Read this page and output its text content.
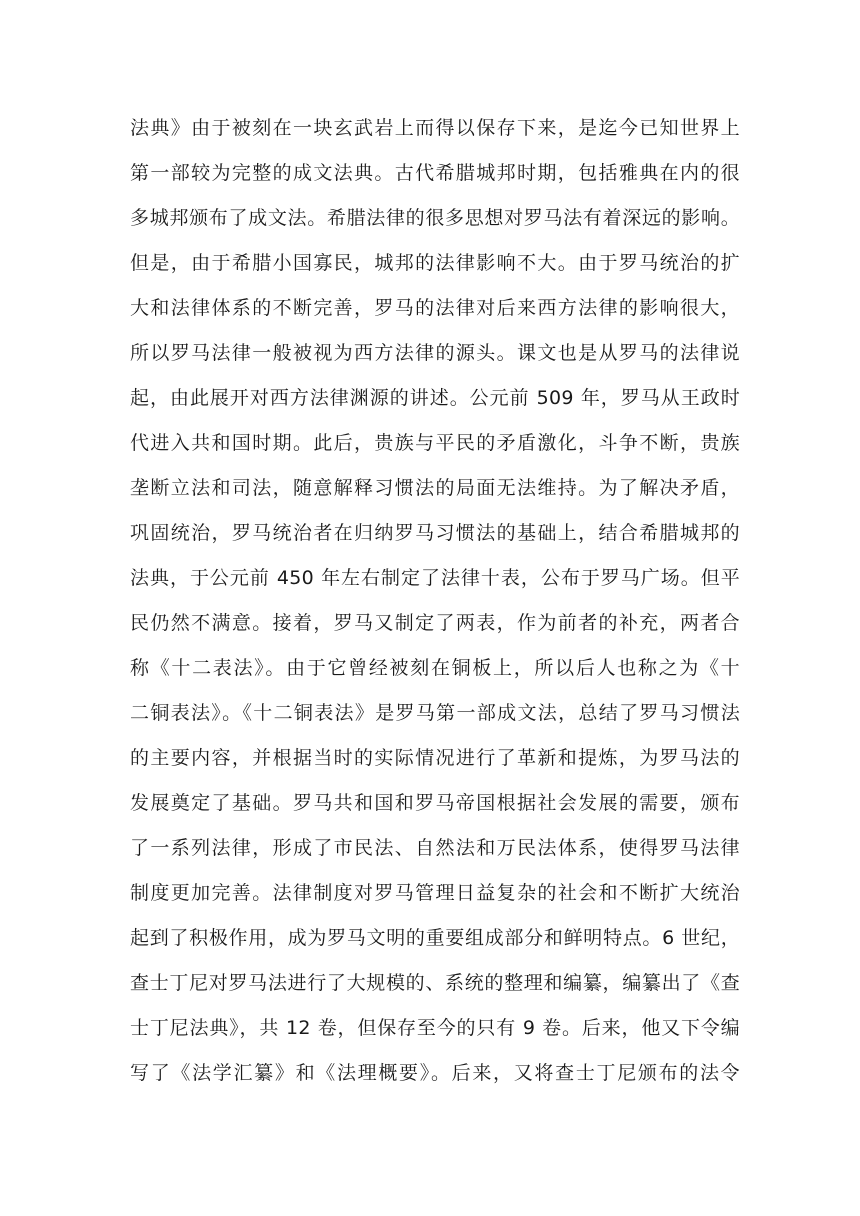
法典》由于被刻在一块玄武岩上而得以保存下来，是迄今已知世界上
第一部较为完整的成文法典。古代希腊城邦时期，包括雅典在内的很
多城邦颁布了成文法。希腊法律的很多思想对罗马法有着深远的影响。
但是，由于希腊小国寡民，城邦的法律影响不大。由于罗马统治的扩
大和法律体系的不断完善，罗马的法律对后来西方法律的影响很大，
所以罗马法律一般被视为西方法律的源头。课文也是从罗马的法律说
起，由此展开对西方法律渊源的讲述。公元前 509 年，罗马从王政时
代进入共和国时期。此后，贵族与平民的矛盾激化，斗争不断，贵族
垄断立法和司法，随意解释习惯法的局面无法维持。为了解决矛盾，
巩固统治，罗马统治者在归纳罗马习惯法的基础上，结合希腊城邦的
法典，于公元前 450 年左右制定了法律十表，公布于罗马广场。但平
民仍然不满意。接着，罗马又制定了两表，作为前者的补充，两者合
称《十二表法》。由于它曾经被刻在铜板上，所以后人也称之为《十
二铜表法》。《十二铜表法》是罗马第一部成文法，总结了罗马习惯法
的主要内容，并根据当时的实际情况进行了革新和提炼，为罗马法的
发展奠定了基础。罗马共和国和罗马帝国根据社会发展的需要，颁布
了一系列法律，形成了市民法、自然法和万民法体系，使得罗马法律
制度更加完善。法律制度对罗马管理日益复杂的社会和不断扩大统治
起到了积极作用，成为罗马文明的重要组成部分和鲜明特点。6 世纪，
查士丁尼对罗马法进行了大规模的、系统的整理和编纂，编纂出了《查
士丁尼法典》，共 12 卷，但保存至今的只有 9 卷。后来，他又下令编
写了《法学汇纂》和《法理概要》。后来，又将查士丁尼颁布的法令
